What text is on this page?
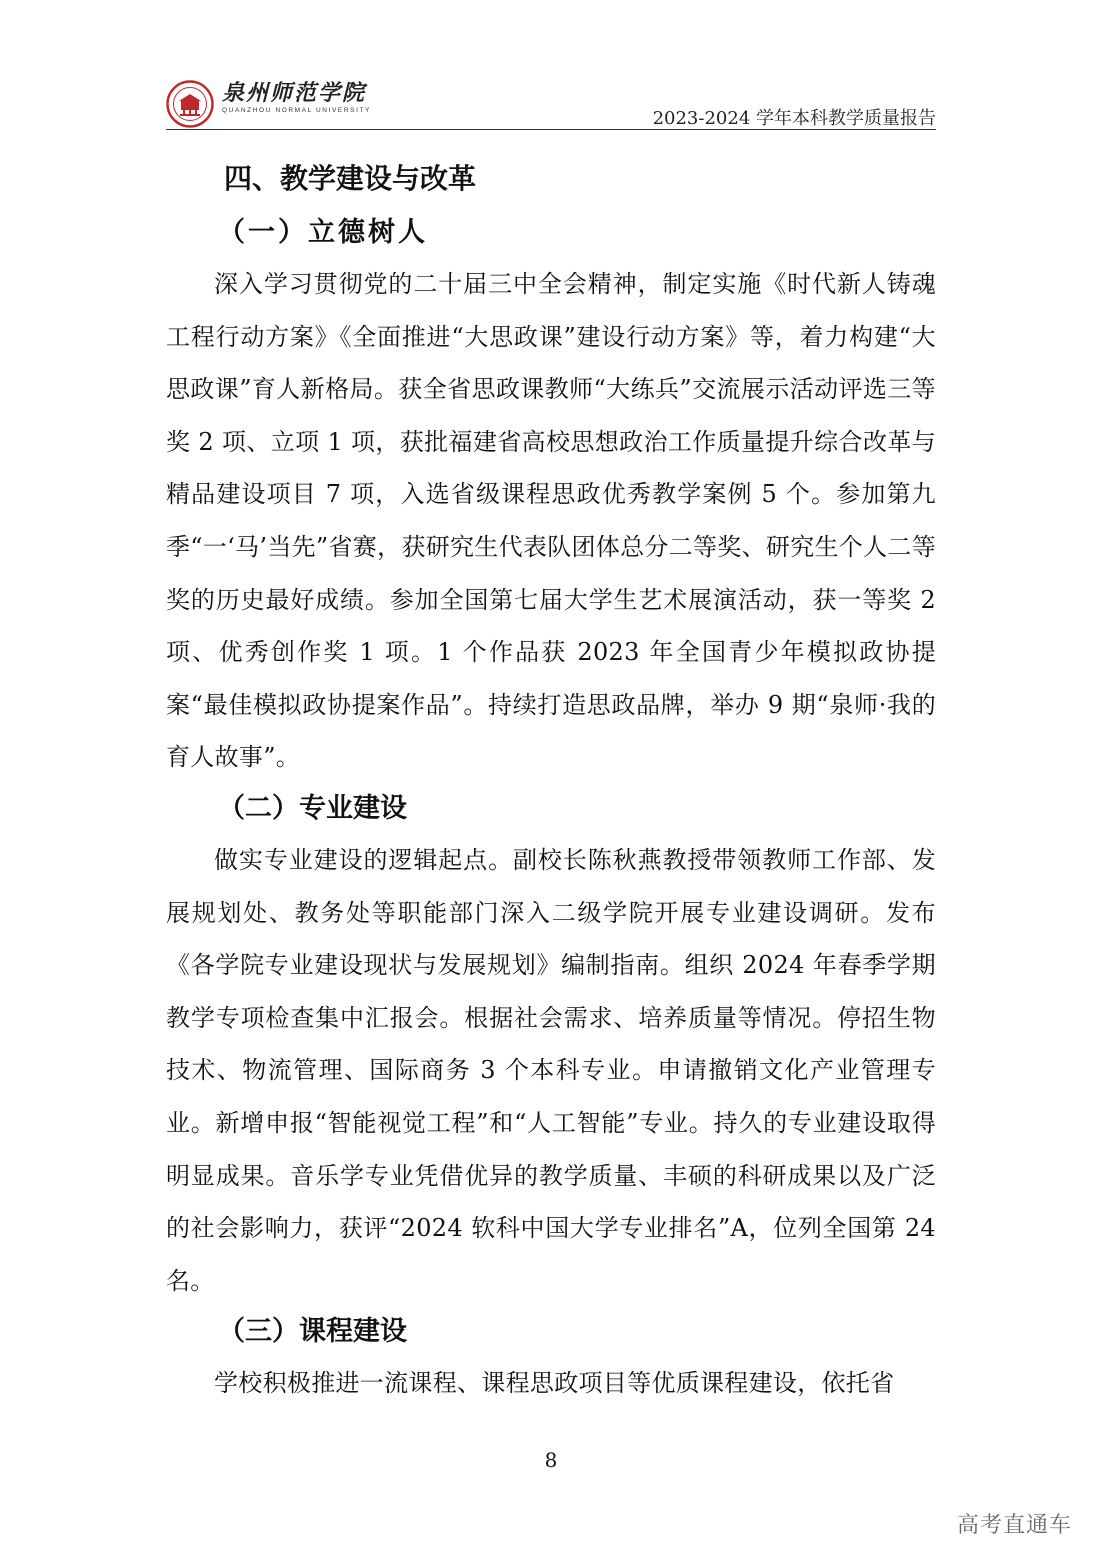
泉州师范学院
QUANZHOU NORMAL UNIVERSITY	2023-2024 学年本科教学质量报告
四、教学建设与改革
（一）立德树人

深入学习贯彻党的二十届三中全会精神，制定实施《时代新人铸魂工程行动方案》《全面推进“大思政课”建设行动方案》等，着力构建“大思政课”育人新格局。获全省思政课教师“大练兵”交流展示活动评选三等奖 2 项、立项 1 项，获批福建省高校思想政治工作质量提升综合改革与精品建设项目 7 项，入选省级课程思政优秀教学案例 5 个。参加第九季“一‘马’当先”省赛，获研究生代表队团体总分二等奖、研究生个人二等奖的历史最好成绩。参加全国第七届大学生艺术展演活动，获一等奖 2 项、优秀创作奖 1 项。1 个作品获 2023 年全国青少年模拟政协提案“最佳模拟政协提案作品”。持续打造思政品牌，举办 9 期“泉师·我的育人故事”。

（二）专业建设

做实专业建设的逻辑起点。副校长陈秋燕教授带领教师工作部、发展规划处、教务处等职能部门深入二级学院开展专业建设调研。发布《各学院专业建设现状与发展规划》编制指南。组织 2024 年春季学期教学专项检查集中汇报会。根据社会需求、培养质量等情况。停招生物技术、物流管理、国际商务 3 个本科专业。申请撤销文化产业管理专业。新增申报“智能视觉工程”和“人工智能”专业。持久的专业建设取得明显成果。音乐学专业凭借优异的教学质量、丰硕的科研成果以及广泛的社会影响力，获评“2024 软科中国大学专业排名”A，位列全国第 24 名。

（三）课程建设

学校积极推进一流课程、课程思政项目等优质课程建设，依托省

8
高考直通车
